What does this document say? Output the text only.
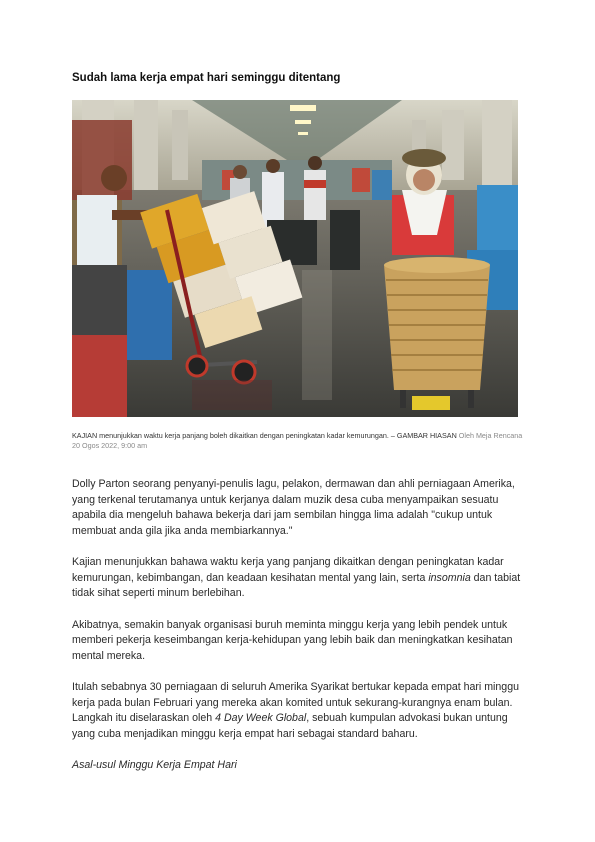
Sudah lama kerja empat hari seminggu ditentang

KAJIAN menunjukkan waktu kerja panjang boleh dikaitkan dengan peningkatan kadar kemurungan. – GAMBAR HIASAN Oleh Meja Rencana 20 Ogos 2022, 9:00 am

Dolly Parton seorang penyanyi-penulis lagu, pelakon, dermawan dan ahli perniagaan Amerika, yang terkenal terutamanya untuk kerjanya dalam muzik desa cuba menyampaikan sesuatu apabila dia mengeluh bahawa bekerja dari jam sembilan hingga lima adalah "cukup untuk membuat anda gila jika anda membiarkannya."

Kajian menunjukkan bahawa waktu kerja yang panjang dikaitkan dengan peningkatan kadar kemurungan, kebimbangan, dan keadaan kesihatan mental yang lain, serta insomnia dan tabiat tidak sihat seperti minum berlebihan.

Akibatnya, semakin banyak organisasi buruh meminta minggu kerja yang lebih pendek untuk memberi pekerja keseimbangan kerja-kehidupan yang lebih baik dan meningkatkan kesihatan mental mereka.

Itulah sebabnya 30 perniagaan di seluruh Amerika Syarikat bertukar kepada empat hari minggu kerja pada bulan Februari yang mereka akan komited untuk sekurang-kurangnya enam bulan. Langkah itu diselaraskan oleh 4 Day Week Global, sebuah kumpulan advokasi bukan untung yang cuba menjadikan minggu kerja empat hari sebagai standard baharu.

Asal-usul Minggu Kerja Empat Hari
